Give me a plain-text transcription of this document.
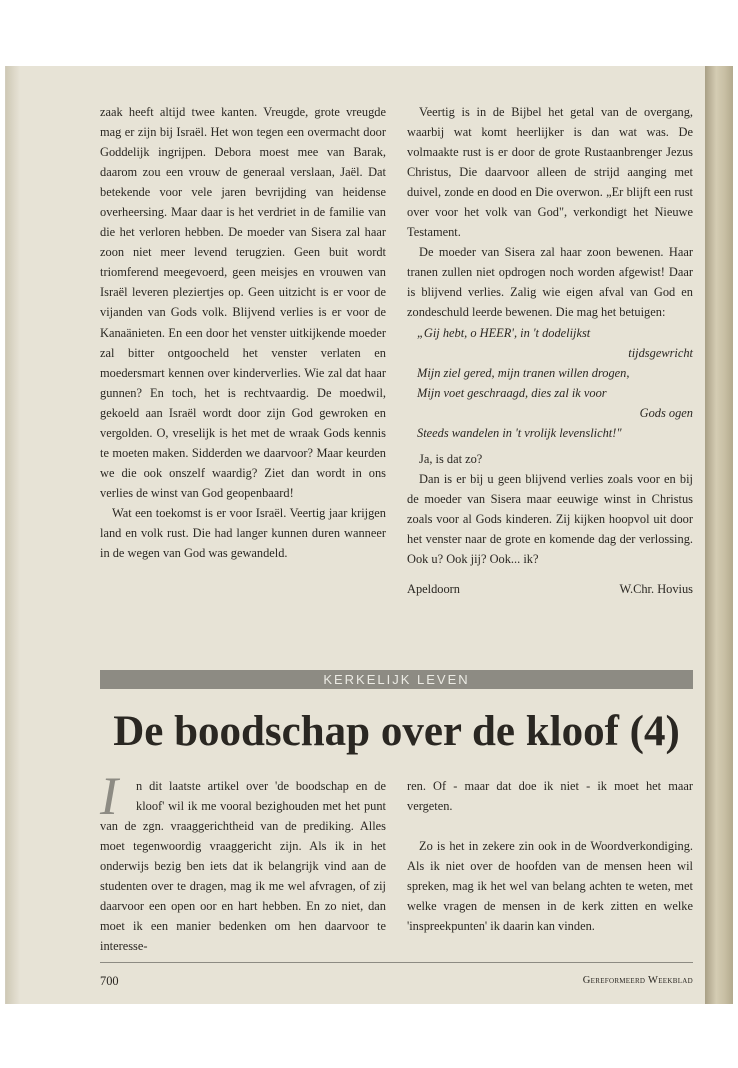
zaak heeft altijd twee kanten. Vreugde, grote vreugde mag er zijn bij Israël. Het won tegen een overmacht door Goddelijk ingrijpen. Debora moest mee van Barak, daarom zou een vrouw de generaal verslaan, Jaël. Dat betekende voor vele jaren bevrijding van heidense overheersing. Maar daar is het verdriet in de familie van die het verloren hebben. De moeder van Sisera zal haar zoon niet meer levend terugzien. Geen buit wordt triomferend meegevoerd, geen meisjes en vrouwen van Israël leveren pleziertjes op. Geen uitzicht is er voor de vijanden van Gods volk. Blijvend verlies is er voor de Kanaänieten. En een door het venster uitkijkende moeder zal bitter ontgoocheld het venster verlaten en moedersmart kennen over kinderverlies. Wie zal dat haar gunnen? En toch, het is rechtvaardig. De moedwil, gekoeld aan Israël wordt door zijn God gewroken en vergolden. O, vreselijk is het met de wraak Gods kennis te moeten maken. Sidderden we daarvoor? Maar keurden we die ook onszelf waardig? Ziet dan wordt in ons verlies de winst van God geopenbaard!

Wat een toekomst is er voor Israël. Veertig jaar krijgen land en volk rust. Die had langer kunnen duren wanneer in de wegen van God was gewandeld.

Veertig is in de Bijbel het getal van de overgang, waarbij wat komt heerlijker is dan wat was. De volmaakte rust is er door de grote Rustaanbrenger Jezus Christus, Die daarvoor alleen de strijd aanging met duivel, zonde en dood en Die overwon. „Er blijft een rust over voor het volk van God", verkondigt het Nieuwe Testament.

De moeder van Sisera zal haar zoon bewenen. Haar tranen zullen niet opdrogen noch worden afgewist! Daar is blijvend verlies. Zalig wie eigen afval van God en zondeschuld leerde bewenen. Die mag het betuigen:

„Gij hebt, o HEER', in 't dodelijkst
tijdsgewricht
Mijn ziel gered, mijn tranen willen drogen,
Mijn voet geschraagd, dies zal ik voor
Gods ogen
Steeds wandelen in 't vrolijk levenslicht!"

Ja, is dat zo?

Dan is er bij u geen blijvend verlies zoals voor en bij de moeder van Sisera maar eeuwige winst in Christus zoals voor al Gods kinderen. Zij kijken hoopvol uit door het venster naar de grote en komende dag der verlossing. Ook u? Ook jij? Ook... ik?

Apeldoorn	W.Chr. Hovius
KERKELIJK LEVEN
De boodschap over de kloof (4)

I	n dit laatste artikel over 'de boodschap en de kloof' wil ik me vooral bezighouden met het punt van de zgn. vraaggerichtheid van de prediking. Alles moet tegenwoordig vraaggericht zijn. Als ik in het onderwijs bezig ben iets dat ik belangrijk vind aan de studenten over te dragen, mag ik me wel afvragen, of zij daarvoor een open oor en hart hebben. En zo niet, dan moet ik een manier bedenken om hen daarvoor te interesse-

ren. Of - maar dat doe ik niet - ik moet het maar vergeten.

Zo is het in zekere zin ook in de Woordverkondiging. Als ik niet over de hoofden van de mensen heen wil spreken, mag ik het wel van belang achten te weten, met welke vragen de mensen in de kerk zitten en welke 'inspreekpunten' ik daarin kan vinden.

700	Gereformeerd Weekblad
